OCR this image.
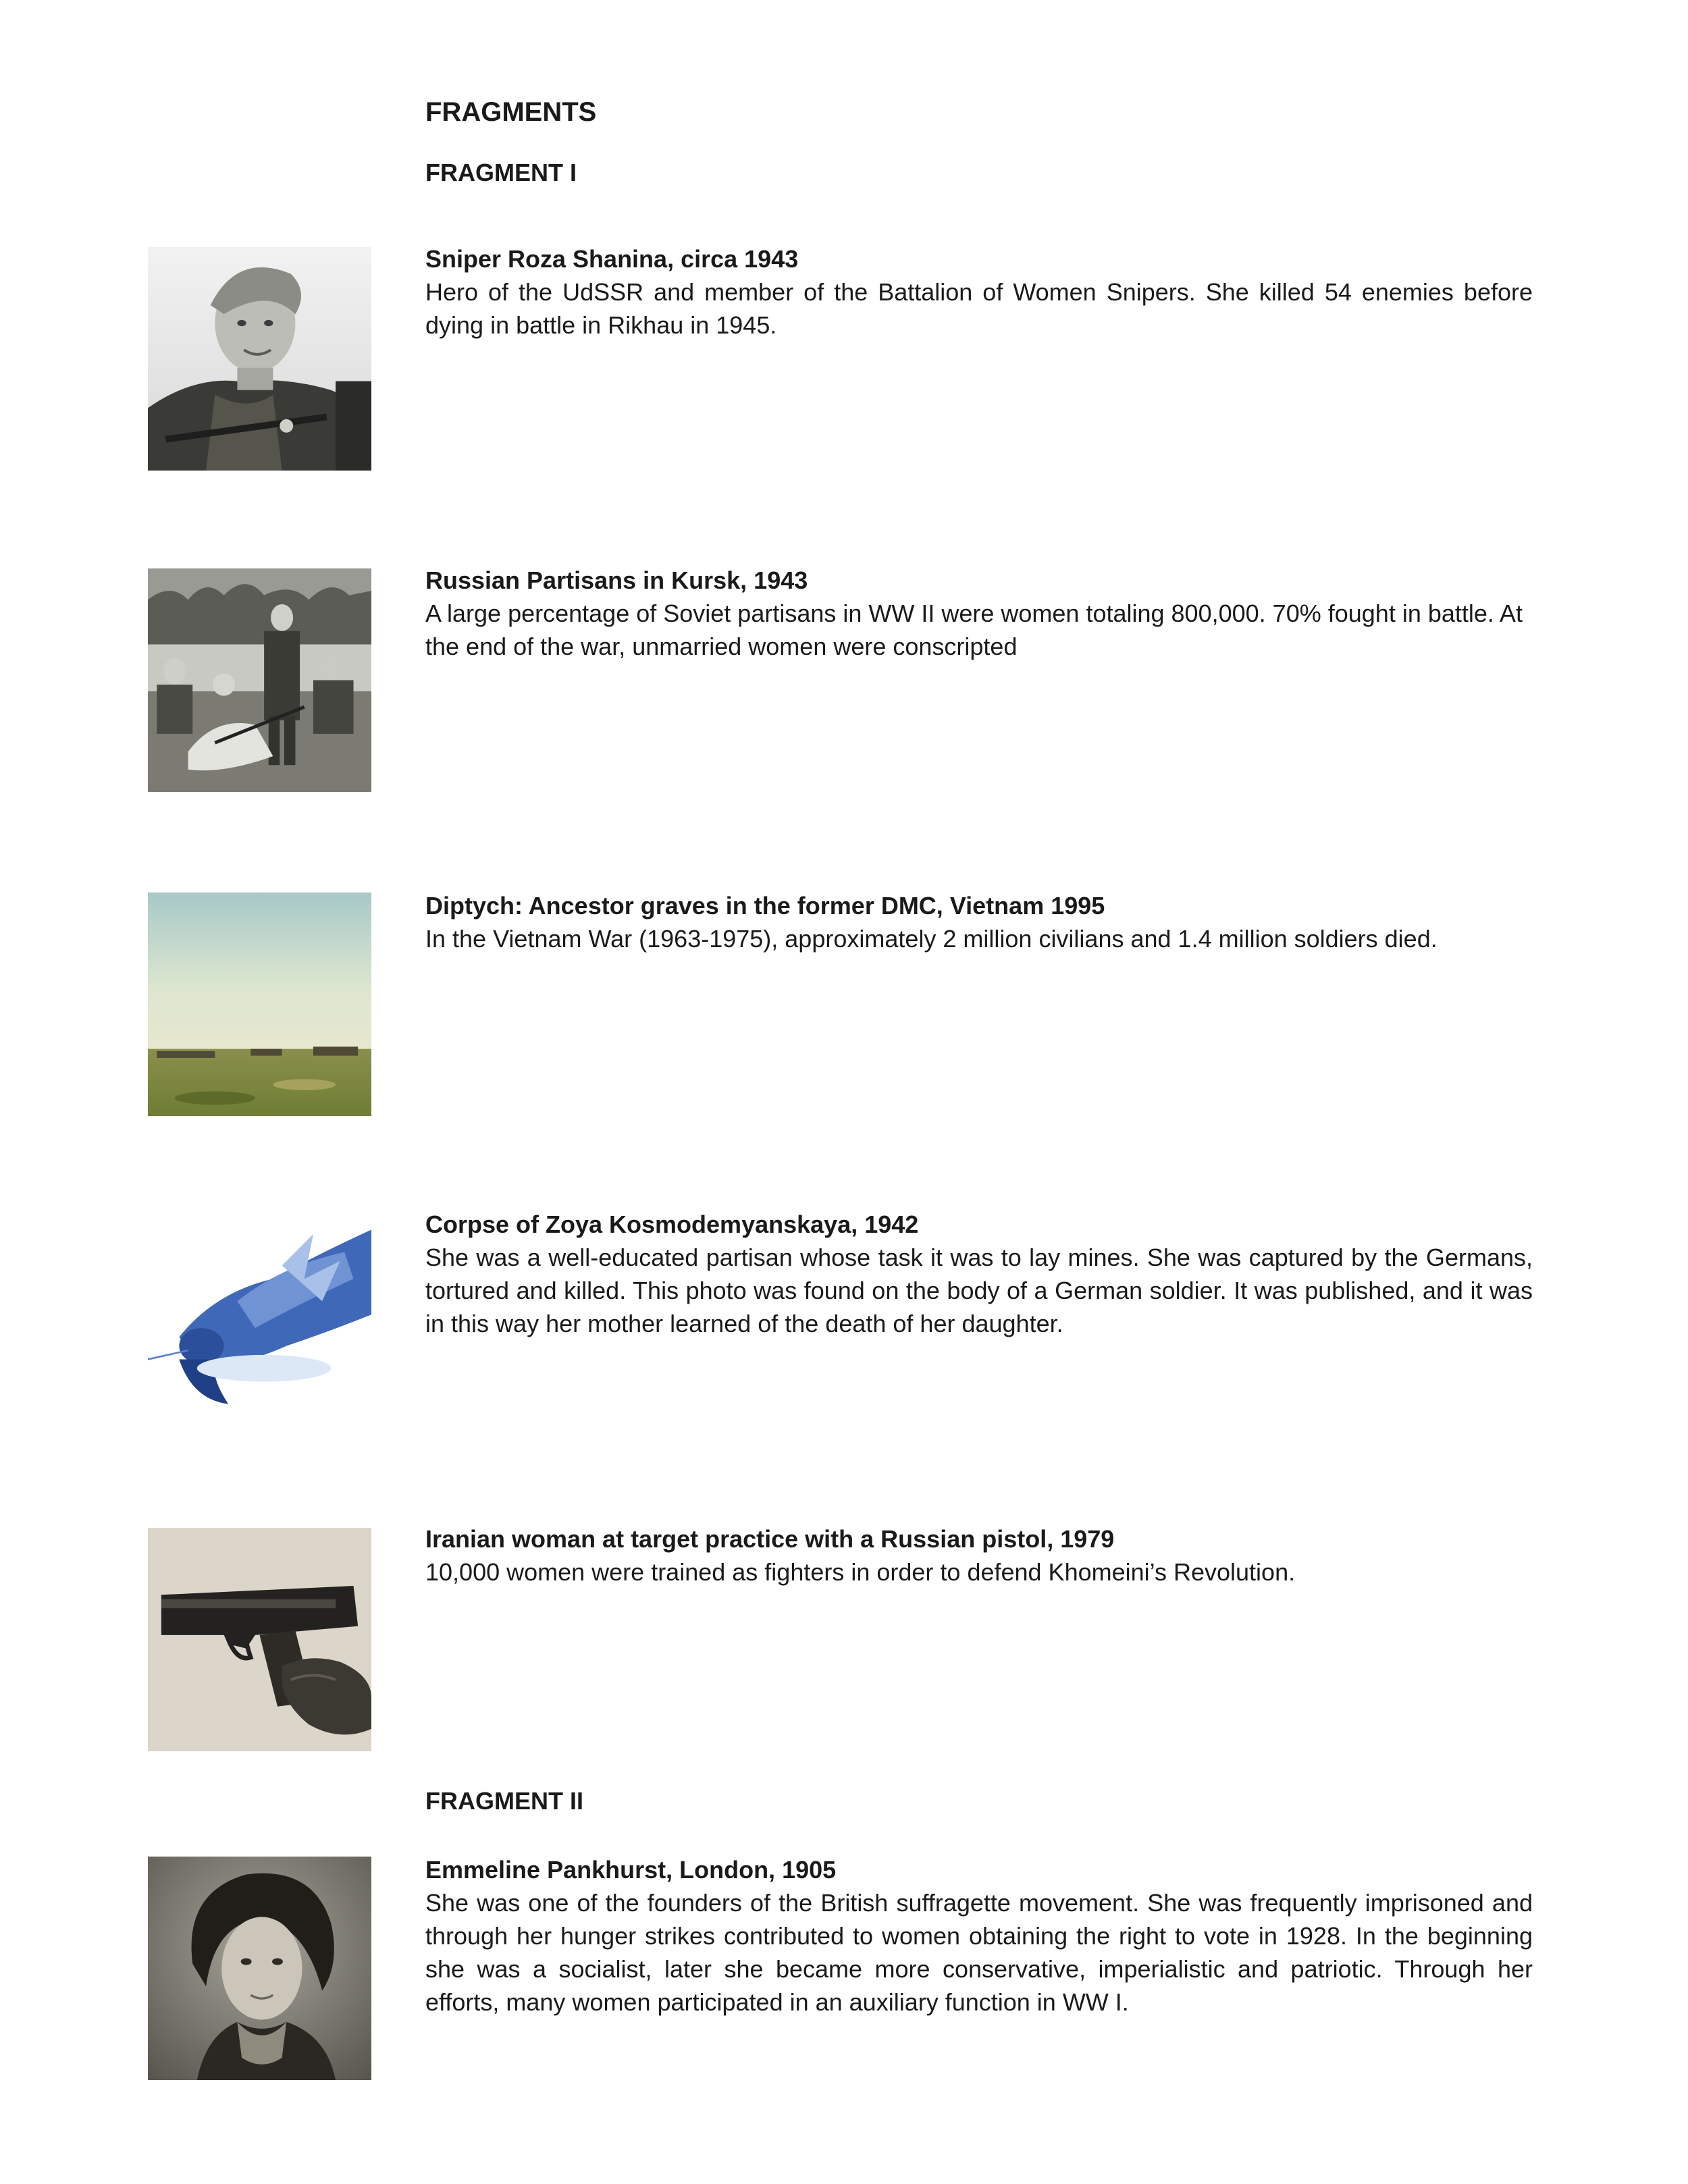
FRAGMENTS
FRAGMENT I

Sniper Roza Shanina, circa 1943

Hero of the UdSSR and member of the Battalion of Women Snipers. She killed 54 enemies before dying in battle in Rikhau in 1945.

Russian Partisans in Kursk, 1943

A large percentage of Soviet partisans in WW II were women totaling 800,000. 70% fought in battle. At the end of the war, unmarried women were conscripted

Diptych: Ancestor graves in the former DMC, Vietnam 1995

In the Vietnam War (1963-1975), approximately 2 million civilians and 1.4 million soldiers died.

Corpse of Zoya Kosmodemyanskaya, 1942

She was a well-educated partisan whose task it was to lay mines. She was captured by the Germans, tortured and killed. This photo was found on the body of a German soldier. It was published, and it was in this way her mother learned of the death of her daughter.

Iranian woman at target practice with a Russian pistol, 1979

10,000 women were trained as fighters in order to defend Khomeini’s Revolution.

FRAGMENT II

Emmeline Pankhurst, London, 1905

She was one of the founders of the British suffragette movement. She was frequently imprisoned and through her hunger strikes contributed to women obtaining the right to vote in 1928. In the beginning she was a socialist, later she became more conservative, imperialistic and patriotic. Through her efforts, many women participated in an auxiliary function in WW I.
